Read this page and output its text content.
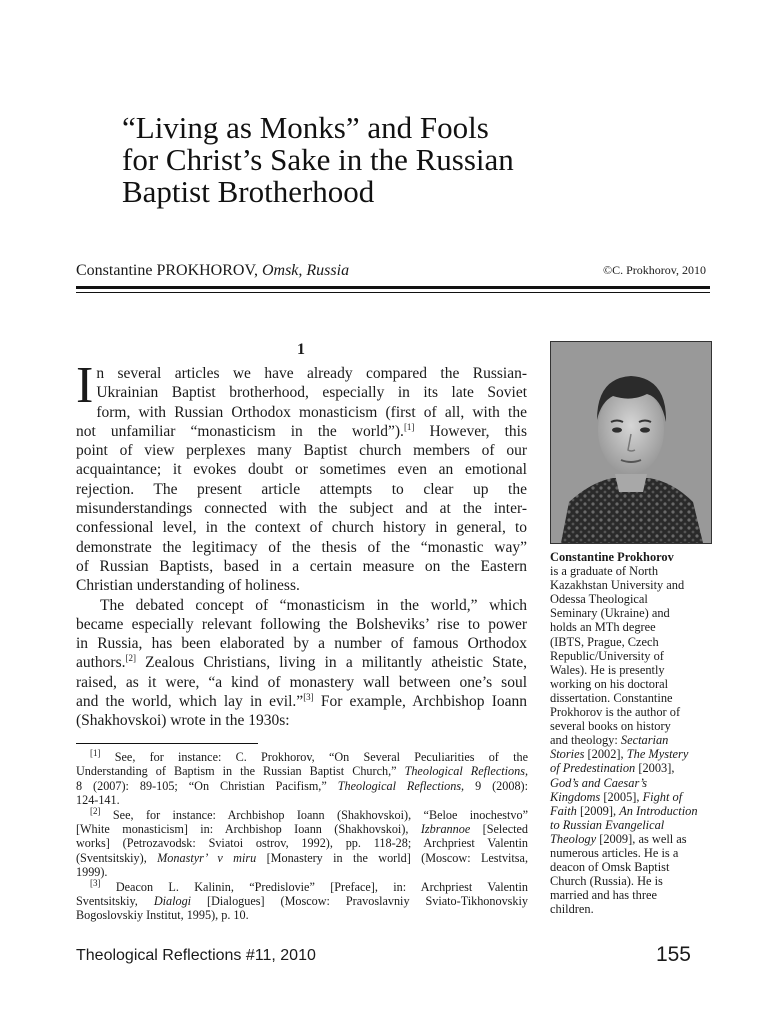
“Living as Monks” and Fools
for Christ’s Sake in the Russian
Baptist Brotherhood
Constantine PROKHOROV, Omsk, Russia	©C. Prokhorov, 2010
1

I n several articles we have already compared the Russian-
Ukrainian Baptist brotherhood, especially in its late Soviet
form, with Russian Orthodox monasticism (first of all, with the
not unfamiliar “monasticism in the world”).[1] However, this
point of view perplexes many Baptist church members of our
acquaintance; it evokes doubt or sometimes even an emotional
rejection. The present article attempts to clear up the
misunderstandings connected with the subject and at the inter-
confessional level, in the context of church history in general, to
demonstrate the legitimacy of the thesis of the “monastic way”
of Russian Baptists, based in a certain measure on the Eastern
Christian understanding of holiness.

The debated concept of “monasticism in the world,” which
became especially relevant following the Bolsheviks’ rise to power
in Russia, has been elaborated by a number of famous Orthodox
authors.[2] Zealous Christians, living in a militantly atheistic State,
raised, as it were, “a kind of monastery wall between one’s soul
and the world, which lay in evil.”[3] For example, Archbishop Ioann
(Shakhovskoi) wrote in the 1930s:

[1] See, for instance: C. Prokhorov, “On Several Peculiarities of the
Understanding of Baptism in the Russian Baptist Church,” Theological Reflections,
8 (2007): 89-105; “On Christian Pacifism,” Theological Reflections, 9 (2008):
124-141.

[2] See, for instance: Archbishop Ioann (Shakhovskoi), “Beloe inochestvo”
[White monasticism] in: Archbishop Ioann (Shakhovskoi), Izbrannoe [Selected
works] (Petrozavodsk: Sviatoi ostrov, 1992), pp. 118-28; Archpriest Valentin
(Sventsitskiy), Monastyr’ v miru [Monastery in the world] (Moscow: Lestvitsa,
1999).

[3] Deacon L. Kalinin, “Predislovie” [Preface], in: Archpriest Valentin
Sventsitskiy, Dialogi [Dialogues] (Moscow: Pravoslavniy Sviato-Tikhonovskiy
Bogoslovskiy Institut, 1995), p. 10.

Constantine Prokhorov
is a graduate of North
Kazakhstan University and
Odessa Theological
Seminary (Ukraine) and
holds an MTh degree
(IBTS, Prague, Czech
Republic/University of
Wales). He is presently
working on his doctoral
dissertation. Constantine
Prokhorov is the author of
several books on history
and theology: Sectarian
Stories [2002], The Mystery
of Predestination [2003],
God’s and Caesar’s
Kingdoms [2005], Fight of
Faith [2009], An Introduction
to Russian Evangelical
Theology [2009], as well as
numerous articles. He is a
deacon of Omsk Baptist
Church (Russia). He is
married and has three
children.
Theological Reflections #11, 2010	155
